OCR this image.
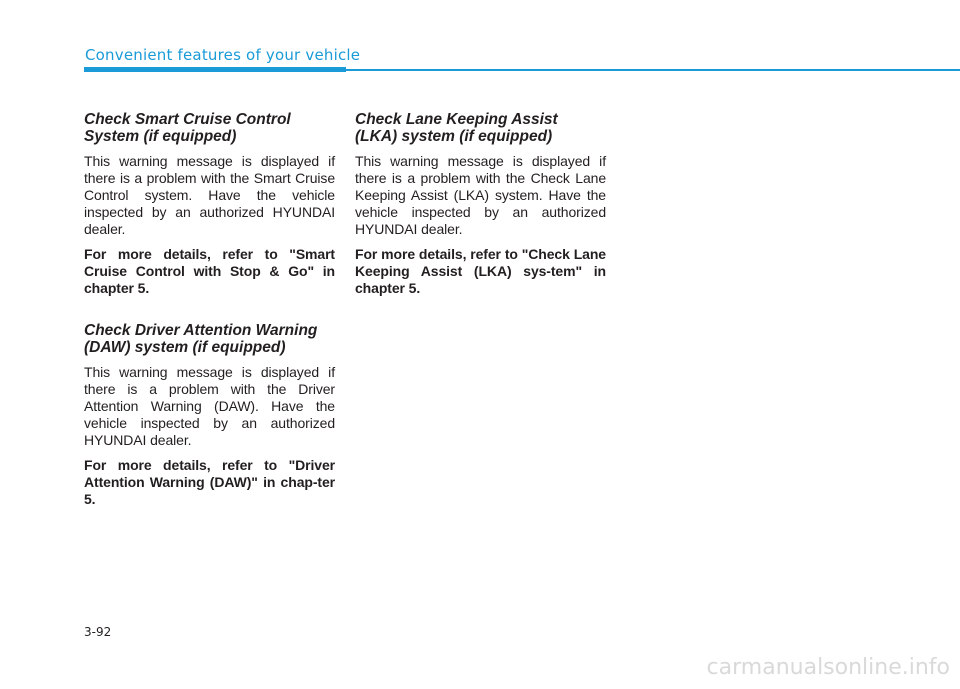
Convenient features of your vehicle

Check Smart Cruise Control
System (if equipped)

This warning message is displayed if there is a problem with the Smart Cruise Control system. Have the vehicle inspected by an authorized HYUNDAI dealer.

For more details, refer to "Smart Cruise Control with Stop & Go" in chapter 5.

Check Driver Attention Warning
(DAW) system (if equipped)

This warning message is displayed if there is a problem with the Driver Attention Warning (DAW). Have the vehicle inspected by an authorized HYUNDAI dealer.

For more details, refer to "Driver Attention Warning (DAW)" in chap-ter 5.

Check Lane Keeping Assist
(LKA) system (if equipped)

This warning message is displayed if there is a problem with the Check Lane Keeping Assist (LKA) system. Have the vehicle inspected by an authorized HYUNDAI dealer.

For more details, refer to "Check Lane Keeping Assist (LKA) sys-tem" in chapter 5.

3-92
carmanualsonline.info
